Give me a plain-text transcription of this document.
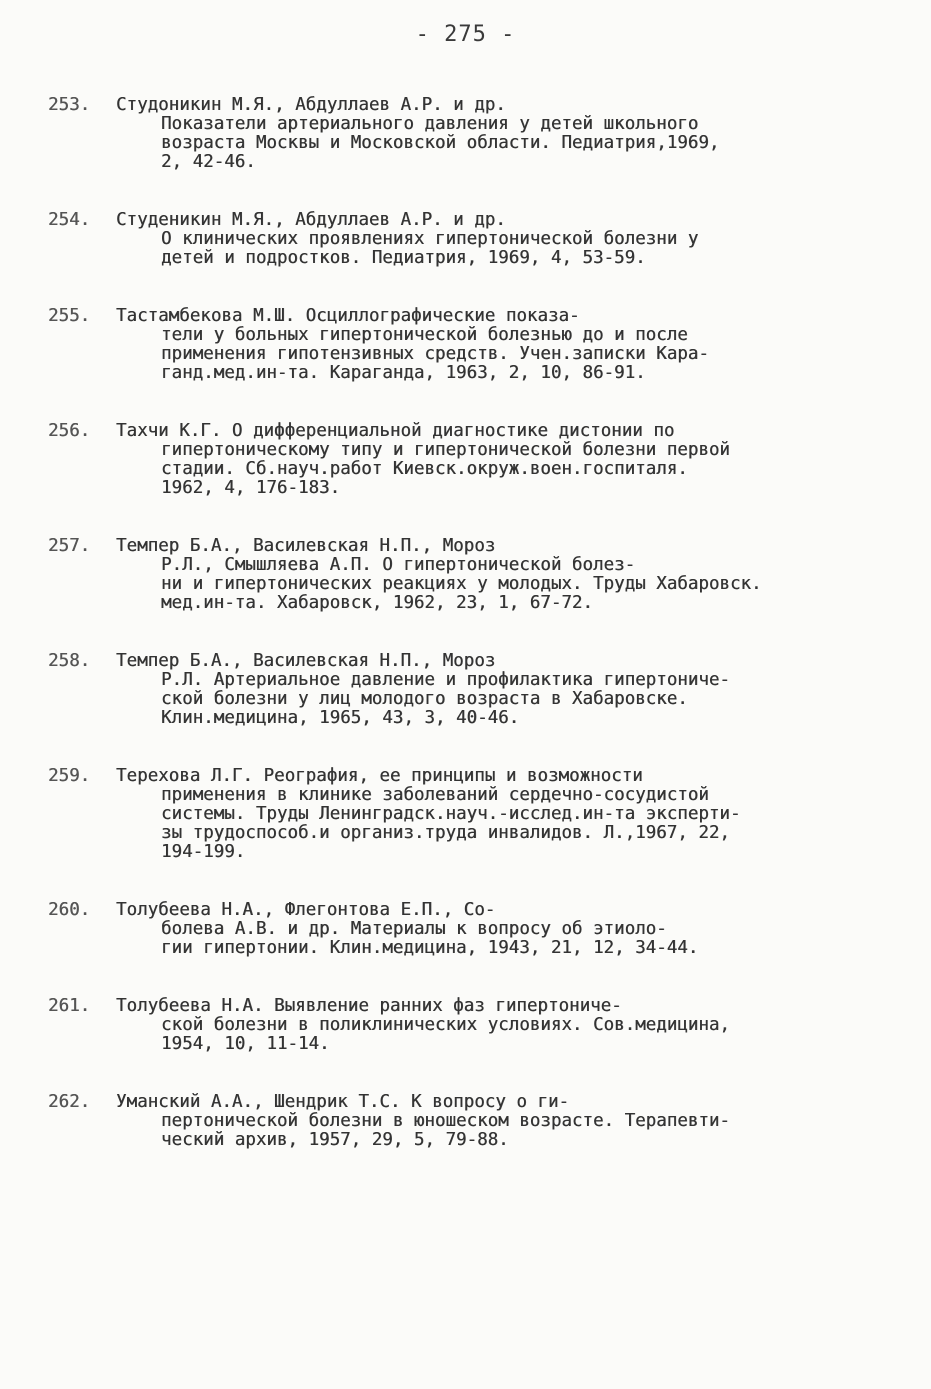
- 275 -
253.	Студоникин М.Я., Абдуллаев А.Р. и др.
Показатели артериального давления у детей школьного
возраста Москвы и Московской области. Педиатрия,1969,
2, 42-46.
254.	Студеникин М.Я., Абдуллаев А.Р. и др.
О клинических проявлениях гипертонической болезни у
детей и подростков. Педиатрия, 1969, 4, 53-59.
255.	Тастамбекова М.Ш. Осциллографические показа-
тели у больных гипертонической болезнью до и после
применения гипотензивных средств. Учен.записки Кара-
ганд.мед.ин-та. Караганда, 1963, 2, 10, 86-91.
256.	Тахчи К.Г. О дифференциальной диагностике дистонии по
гипертоническому типу и гипертонической болезни первой
стадии. Сб.науч.работ Киевск.окруж.воен.госпиталя.
1962, 4, 176-183.
257.	Темпер Б.А., Василевская Н.П., Мороз
Р.Л., Смышляева А.П. О гипертонической болез-
ни и гипертонических реакциях у молодых. Труды Хабаровск.
мед.ин-та. Хабаровск, 1962, 23, 1, 67-72.
258.	Темпер Б.А., Василевская Н.П., Мороз
Р.Л. Артериальное давление и профилактика гипертониче-
ской болезни у лиц молодого возраста в Хабаровске.
Клин.медицина, 1965, 43, 3, 40-46.
259.	Терехова Л.Г. Реография, ее принципы и возможности
применения в клинике заболеваний сердечно-сосудистой
системы. Труды Ленинградск.науч.-исслед.ин-та эксперти-
зы трудоспособ.и организ.труда инвалидов. Л.,1967, 22,
194-199.
260.	Толубеева Н.А., Флегонтова Е.П., Со-
болева А.В. и др. Материалы к вопросу об этиоло-
гии гипертонии. Клин.медицина, 1943, 21, 12, 34-44.
261.	Толубеева Н.А. Выявление ранних фаз гипертониче-
ской болезни в поликлинических условиях. Сов.медицина,
1954, 10, 11-14.
262.	Уманский А.А., Шендрик Т.С. К вопросу о ги-
пертонической болезни в юношеском возрасте. Терапевти-
ческий архив, 1957, 29, 5, 79-88.
